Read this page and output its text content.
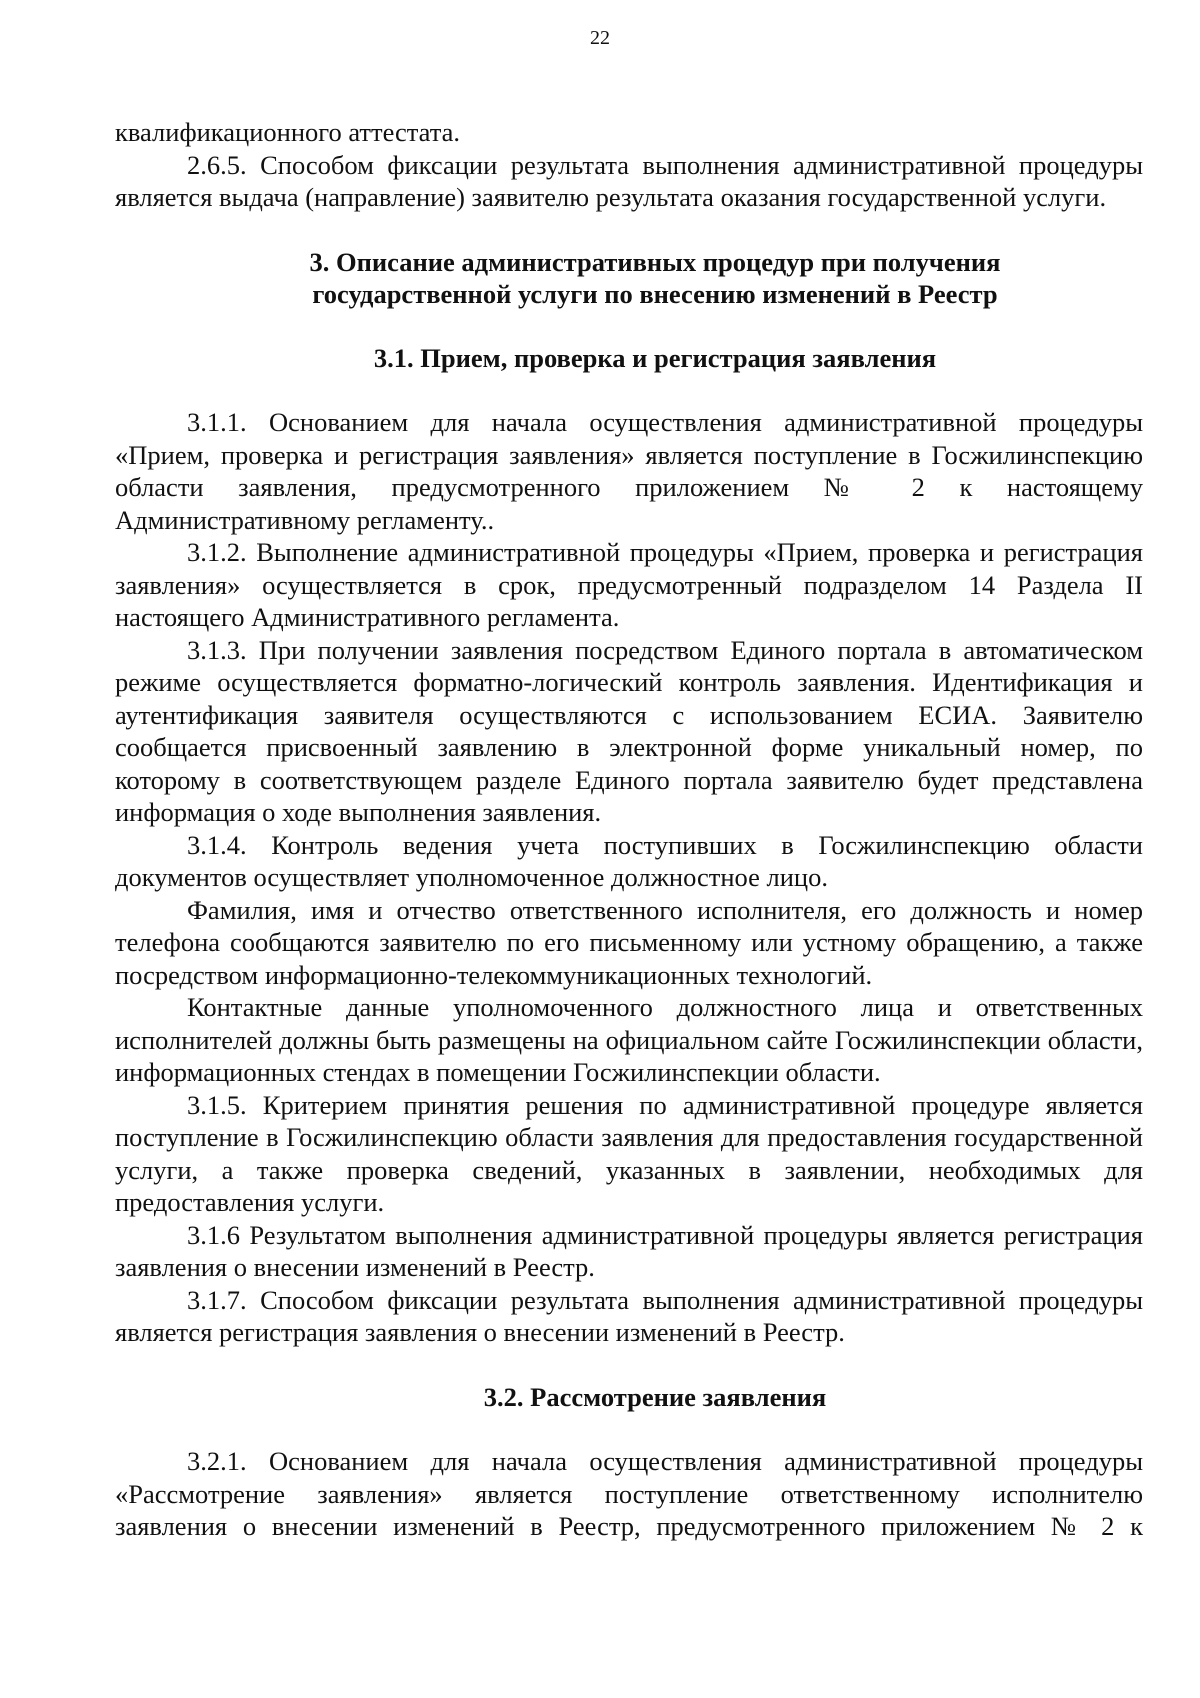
22

квалификационного аттестата.

2.6.5. Способом фиксации результата выполнения административной процедуры является выдача (направление) заявителю результата оказания государственной услуги.

3. Описание административных процедур при получения
государственной услуги по внесению изменений в Реестр
3.1. Прием, проверка и регистрация заявления

3.1.1. Основанием для начала осуществления административной процедуры «Прием, проверка и регистрация заявления» является поступление в Госжилинспекцию области заявления, предусмотренного приложением № 2 к настоящему Административному регламенту..

3.1.2. Выполнение административной процедуры «Прием, проверка и регистрация заявления» осуществляется в срок, предусмотренный подразделом 14 Раздела II настоящего Административного регламента.

3.1.3. При получении заявления посредством Единого портала в автоматическом режиме осуществляется форматно-логический контроль заявления. Идентификация и аутентификация заявителя осуществляются с использованием ЕСИА. Заявителю сообщается присвоенный заявлению в электронной форме уникальный номер, по которому в соответствующем разделе Единого портала заявителю будет представлена информация о ходе выполнения заявления.

3.1.4. Контроль ведения учета поступивших в Госжилинспекцию области документов осуществляет уполномоченное должностное лицо.

Фамилия, имя и отчество ответственного исполнителя, его должность и номер телефона сообщаются заявителю по его письменному или устному обращению, а также посредством информационно-телекоммуникационных технологий.

Контактные данные уполномоченного должностного лица и ответственных исполнителей должны быть размещены на официальном сайте Госжилинспекции области, информационных стендах в помещении Госжилинспекции области.

3.1.5. Критерием принятия решения по административной процедуре является поступление в Госжилинспекцию области заявления для предоставления государственной услуги, а также проверка сведений, указанных в заявлении, необходимых для предоставления услуги.

3.1.6 Результатом выполнения административной процедуры является регистрация заявления о внесении изменений в Реестр.

3.1.7. Способом фиксации результата выполнения административной процедуры является регистрация заявления о внесении изменений в Реестр.

3.2. Рассмотрение заявления
3.2.1. Основанием для начала осуществления административной процедуры
«Рассмотрение заявления» является поступление ответственному исполнителю
заявления о внесении изменений в Реестр, предусмотренного приложением № 2 к
